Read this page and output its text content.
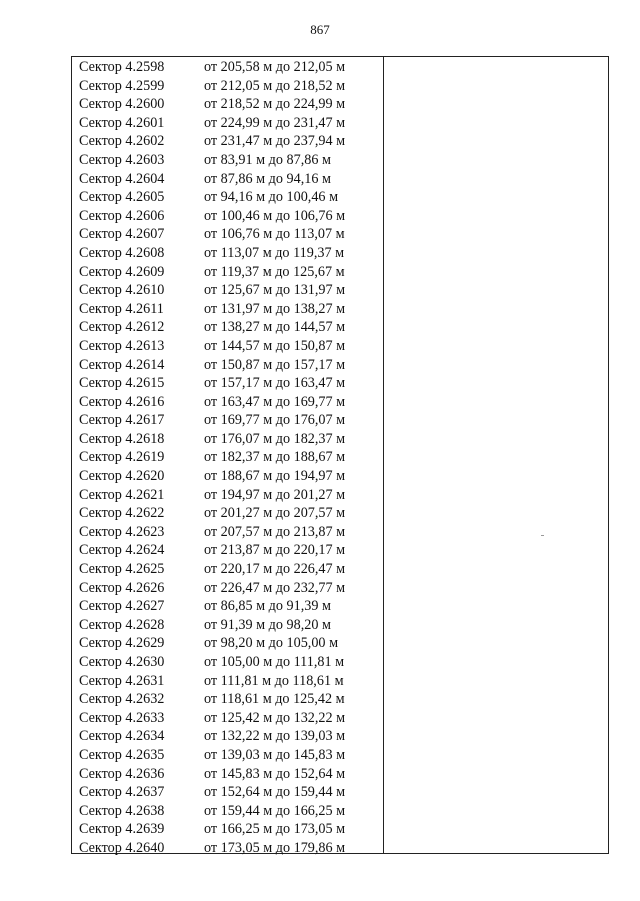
867
Сектор 4.2598	от 205,58 м до 212,05 м
Сектор 4.2599	от 212,05 м до 218,52 м
Сектор 4.2600	от 218,52 м до 224,99 м
Сектор 4.2601	от 224,99 м до 231,47 м
Сектор 4.2602	от 231,47 м до 237,94 м
Сектор 4.2603	от 83,91 м до 87,86 м
Сектор 4.2604	от 87,86 м до 94,16 м
Сектор 4.2605	от 94,16 м до 100,46 м
Сектор 4.2606	от 100,46 м до 106,76 м
Сектор 4.2607	от 106,76 м до 113,07 м
Сектор 4.2608	от 113,07 м до 119,37 м
Сектор 4.2609	от 119,37 м до 125,67 м
Сектор 4.2610	от 125,67 м до 131,97 м
Сектор 4.2611	от 131,97 м до 138,27 м
Сектор 4.2612	от 138,27 м до 144,57 м
Сектор 4.2613	от 144,57 м до 150,87 м
Сектор 4.2614	от 150,87 м до 157,17 м
Сектор 4.2615	от 157,17 м до 163,47 м
Сектор 4.2616	от 163,47 м до 169,77 м
Сектор 4.2617	от 169,77 м до 176,07 м
Сектор 4.2618	от 176,07 м до 182,37 м
Сектор 4.2619	от 182,37 м до 188,67 м
Сектор 4.2620	от 188,67 м до 194,97 м
Сектор 4.2621	от 194,97 м до 201,27 м
Сектор 4.2622	от 201,27 м до 207,57 м
Сектор 4.2623	от 207,57 м до 213,87 м
Сектор 4.2624	от 213,87 м до 220,17 м
Сектор 4.2625	от 220,17 м до 226,47 м
Сектор 4.2626	от 226,47 м до 232,77 м
Сектор 4.2627	от 86,85 м до 91,39 м
Сектор 4.2628	от 91,39 м до 98,20 м
Сектор 4.2629	от 98,20 м до 105,00 м
Сектор 4.2630	от 105,00 м до 111,81 м
Сектор 4.2631	от 111,81 м до 118,61 м
Сектор 4.2632	от 118,61 м до 125,42 м
Сектор 4.2633	от 125,42 м до 132,22 м
Сектор 4.2634	от 132,22 м до 139,03 м
Сектор 4.2635	от 139,03 м до 145,83 м
Сектор 4.2636	от 145,83 м до 152,64 м
Сектор 4.2637	от 152,64 м до 159,44 м
Сектор 4.2638	от 159,44 м до 166,25 м
Сектор 4.2639	от 166,25 м до 173,05 м
Сектор 4.2640	от 173,05 м до 179,86 м
